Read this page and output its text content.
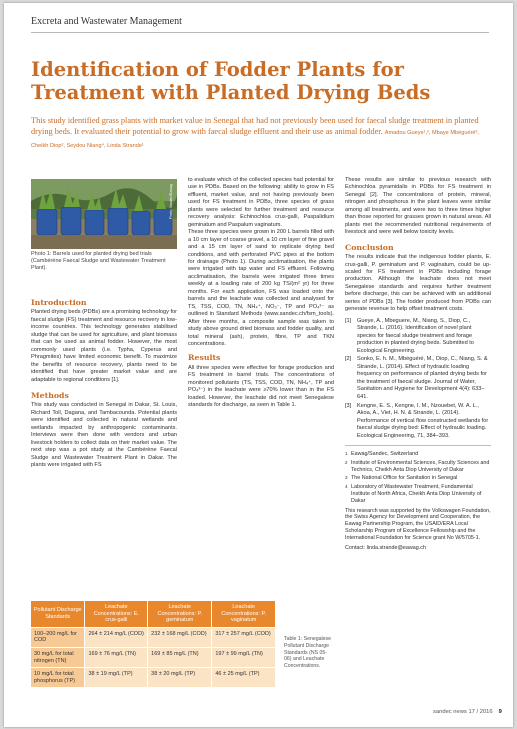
Excreta and Wastewater Management
Identification of Fodder Plants for Treatment with Planted Drying Beds

This study identified grass plants with market value in Senegal that had not previously been used for faecal sludge treatment in planted drying beds. It evaluated their potential to grow with faecal sludge effluent and their use as animal fodder. Amadou Gueye¹,², Mbaye Mbéguéré³, Cheikh Diop², Seydou Niang⁴, Linda Strande¹

Photo: Sandec/Eawag
Photo 1: Barrels used for planted drying bed trials (Cambérène Faecal Sludge and Wastewater Treatment Plant).
Introduction

Planted drying beds (PDBs) are a promising technology for faecal sludge (FS) treatment and resource recovery in low-income countries. This technology generates stabilised sludge that can be used for agriculture, and plant biomass that can be used as animal fodder. However, the most commonly used plants (i.e. Typha, Cyperus and Phragmites) have limited economic benefit. To maximize the benefits of resource recovery, plants need to be identified that have greater market value and are adaptable to regional conditions [1].

Methods

This study was conducted in Senegal in Dakar, St. Louis, Richard Toll, Dagana, and Tambacounda. Potential plants were identified and collected in natural wetlands and wetlands impacted by anthropogenic contaminants. Interviews were then done with vendors and urban livestock holders to collect data on their market value. The next step was a pot study at the Cambérène Faecal Sludge and Wastewater Treatment Plant in Dakar. The plants were irrigated with FS

to evaluate which of the collected species had potential for use in PDBs. Based on the following: ability to grow in FS effluent, market value, and not having previously been used for FS treatment in PDBs, three species of grass plants were selected for further treatment and resource recovery analysis: Echinochloa crus-galli, Paspalidium geminatum and Paspalum vaginatum.

These three species were grown in 200 L barrels filled with a 10 cm layer of coarse gravel, a 10 cm layer of fine gravel and a 15 cm layer of sand to replicate drying bed conditions, and with perforated PVC pipes at the bottom for drainage (Photo 1). During acclimatisation, the plants were irrigated with tap water and FS effluent. Following acclimatisation, the barrels were irrigated three times weekly at a loading rate of 200 kg TS/(m² yr) for three months. For each application, FS was loaded onto the barrels and the leachate was collected and analysed for TS, TSS, COD, TN, NH₄⁺, NO₃⁻, TP and PO₄³⁻ as outlined in Standard Methods (www.sandec.ch/fsm_tools). After three months, a composite sample was taken to study above ground dried biomass and fodder quality, and total mineral (ash), protein, fibre, TP and TKN concentrations.

Results

All three species were effective for forage production and FS treatment in barrel trials. The concentrations of monitored pollutants (TS, TSS, COD, TN, NH₄⁺, TP and PO₄³⁻) in the leachate were ≥70% lower than in the FS loaded. However, the leachate did not meet Senegalese standards for discharge, as seen in Table 1.

These results are similar to previous research with Echinochloa pyramidalis in PDBs for FS treatment in Senegal [2]. The concentrations of protein, mineral, nitrogen and phosphorus in the plant leaves were similar among all treatments, and were two to three times higher than those reported for grasses grown in natural areas. All plants met the recommended nutritional requirements of livestock and were well below toxicity levels.

Conclusion

The results indicate that the indigenous fodder plants, E. crus-galli, P. geminatum and P. vaginatum, could be up-scaled for FS treatment in PDBs including forage production. Although the leachate does not meet Senegalese standards and requires further treatment before discharge, this can be achieved with an additional series of PDBs [3]. The fodder produced from PDBs can generate revenue to help offset treatment costs.

[1]	Gueye, A., Mbeguere, M., Niang, S., Diop, C., Strande, L. (2016). Identification of novel plant species for faecal sludge treatment and forage production in planted drying beds. Submitted to Ecological Engineering.
[2]	Sonko, E. h. M., Mbéguéré, M., Diop, C., Niang, S. & Strande, L. (2014). Effect of hydraulic loading frequency on performance of planted drying beds for the treatment of faecal sludge. Journal of Water, Sanitation and Hygiene for Development 4(4): 633–641.
[3]	Kengne, E. S., Kengne, I. M., Nzouebet, W. A. L., Akoa, A., Viet, H. N. & Strande, L. (2014). Performance of vertical flow constructed wetlands for faecal sludge drying bed: Effect of hydraulic loading. Ecological Engineering, 71, 384–393.
1 Eawag/Sandec, Switzerland
2 Institute of Environmental Sciences, Faculty Sciences and Technics, Cheikh Anta Diop University of Dakar
3 The National Office for Sanitation in Senegal
4 Laboratory of Wastewater Treatment, Fundamental Institute of North Africa, Cheikh Anta Diop University of Dakar
This research was supported by the Volkswagen Foundation, the Swiss Agency for Development and Cooperation, the Eawag Partnership Program, the USAID/ERA Local Scholarship Program of Excellence Fellowship and the International Foundation for Science grant No W/5705-1.
Contact: linda.strande@eawag.ch
Pollutant Discharge Standards	Leachate Concentrations: E. crus-galli	Leachate Concentrations: P. geminatum	Leachate Concentrations: P. vaginatum
100–200 mg/L for COD	264 ± 214 mg/L (COD)	232 ± 168 mg/L (COD)	317 ± 257 mg/L (COD)
30 mg/L for total nitrogen (TN)	169 ± 76 mg/L (TN)	169 ± 85 mg/L (TN)	197 ± 99 mg/L (TN)
10 mg/L for total phosphorus (TP)	38 ± 19 mg/L (TP)	38 ± 20 mg/L (TP)	46 ± 25 mg/L (TP)
Table 1: Senegalese Pollutant Discharge Standards (NS 05-06) and Leachate Concentrations.
sandec news 17 / 2016 9
